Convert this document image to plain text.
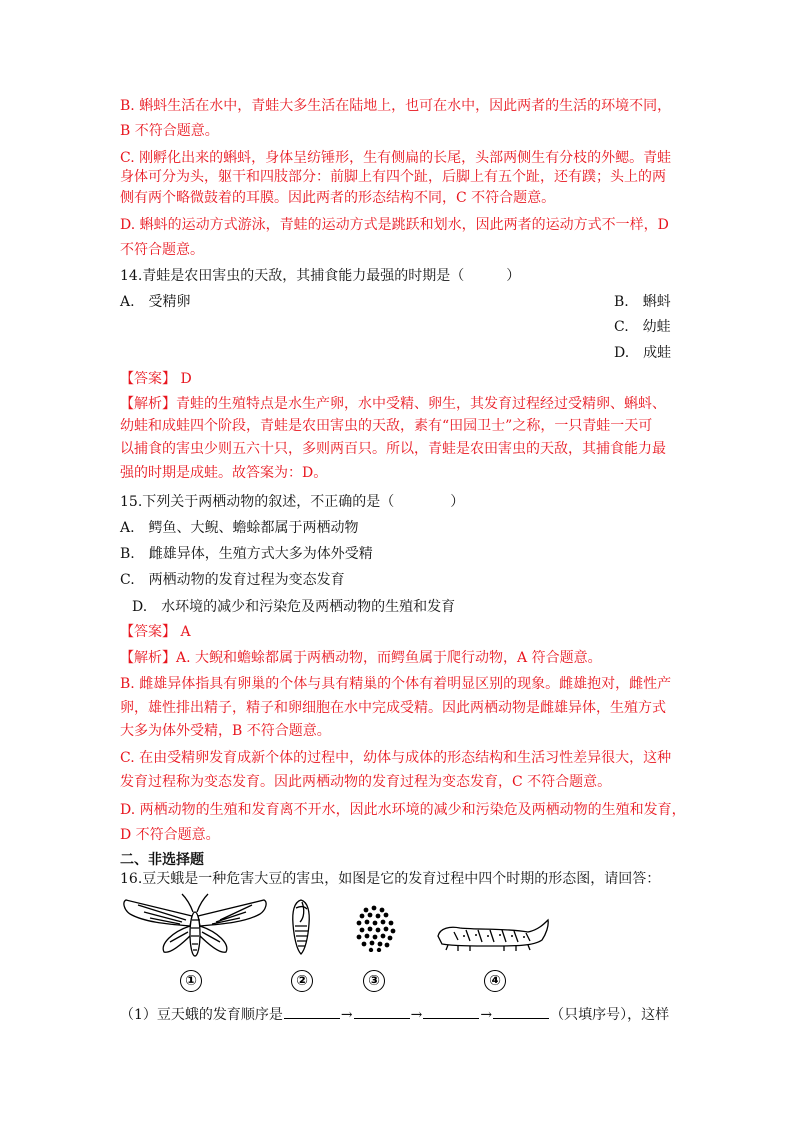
B. 蝌蚪生活在水中，青蛙大多生活在陆地上，也可在水中，因此两者的生活的环境不同，
B 不符合题意。
C. 刚孵化出来的蝌蚪，身体呈纺锤形，生有侧扁的长尾，头部两侧生有分枝的外鳃。青蛙
身体可分为头，躯干和四肢部分：前脚上有四个趾，后脚上有五个趾，还有蹼；头上的两
侧有两个略微鼓着的耳膜。因此两者的形态结构不同，C 不符合题意。
D. 蝌蚪的运动方式游泳，青蛙的运动方式是跳跃和划水，因此两者的运动方式不一样，D
不符合题意。
14.青蛙是农田害虫的天敌，其捕食能力最强的时期是（　　　）
A.　受精卵	B.　蝌蚪
C.　幼蛙
D.　成蛙
【答案】 D
【解析】青蛙的生殖特点是水生产卵，水中受精、卵生，其发育过程经过受精卵、蝌蚪、
幼蛙和成蛙四个阶段，青蛙是农田害虫的天敌，素有“田园卫士”之称，一只青蛙一天可
以捕食的害虫少则五六十只，多则两百只。所以，青蛙是农田害虫的天敌，其捕食能力最
强的时期是成蛙。故答案为：D。
15.下列关于两栖动物的叙述，不正确的是（　　　　）
A.　鳄鱼、大鲵、蟾蜍都属于两栖动物
B.　雌雄异体，生殖方式大多为体外受精
C.　两栖动物的发育过程为变态发育
D.　水环境的减少和污染危及两栖动物的生殖和发育
【答案】 A
【解析】A. 大鲵和蟾蜍都属于两栖动物，而鳄鱼属于爬行动物，A 符合题意。
B. 雌雄异体指具有卵巢的个体与具有精巢的个体有着明显区别的现象。雌雄抱对，雌性产
卵，雄性排出精子，精子和卵细胞在水中完成受精。因此两栖动物是雌雄异体，生殖方式
大多为体外受精，B 不符合题意。
C. 在由受精卵发育成新个体的过程中，幼体与成体的形态结构和生活习性差异很大，这种
发育过程称为变态发育。因此两栖动物的发育过程为变态发育，C 不符合题意。
D. 两栖动物的生殖和发育离不开水，因此水环境的减少和污染危及两栖动物的生殖和发育，
D 不符合题意。
二、非选择题
16.豆天蛾是一种危害大豆的害虫，如图是它的发育过程中四个时期的形态图，请回答：
①	②	③	④
（1）豆天蛾的发育顺序是	→	→	→	（只填序号），这样
